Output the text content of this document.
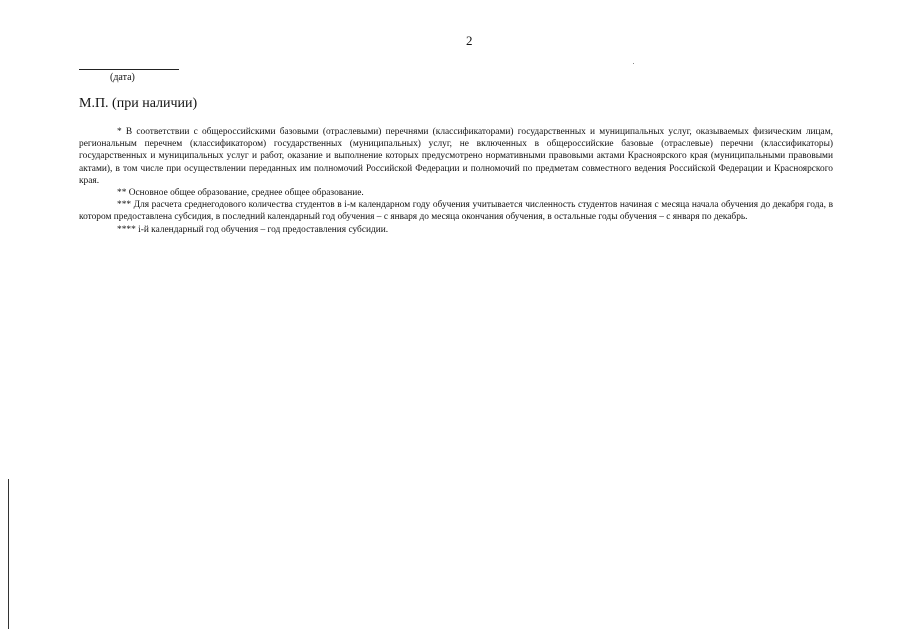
2
(дата)
М.П. (при наличии)

* В соответствии с общероссийскими базовыми (отраслевыми) перечнями (классификаторами) государственных и муниципальных услуг, оказываемых физическим лицам, региональным перечнем (классификатором) государственных (муниципальных) услуг, не включенных в общероссийские базовые (отраслевые) перечни (классификаторы) государственных и муниципальных услуг и работ, оказание и выполнение которых предусмотрено нормативными правовыми актами Красноярского края (муниципальными правовыми актами), в том числе при осуществлении переданных им полномочий Российской Федерации и полномочий по предметам совместного ведения Российской Федерации и Красноярского края.

** Основное общее образование, среднее общее образование.

*** Для расчета среднегодового количества студентов в i-м календарном году обучения учитывается численность студентов начиная с месяца начала обучения до декабря года, в котором предоставлена субсидия, в последний календарный год обучения – с января до месяца окончания обучения, в остальные годы обучения – с января по декабрь.

**** i-й календарный год обучения – год предоставления субсидии.
